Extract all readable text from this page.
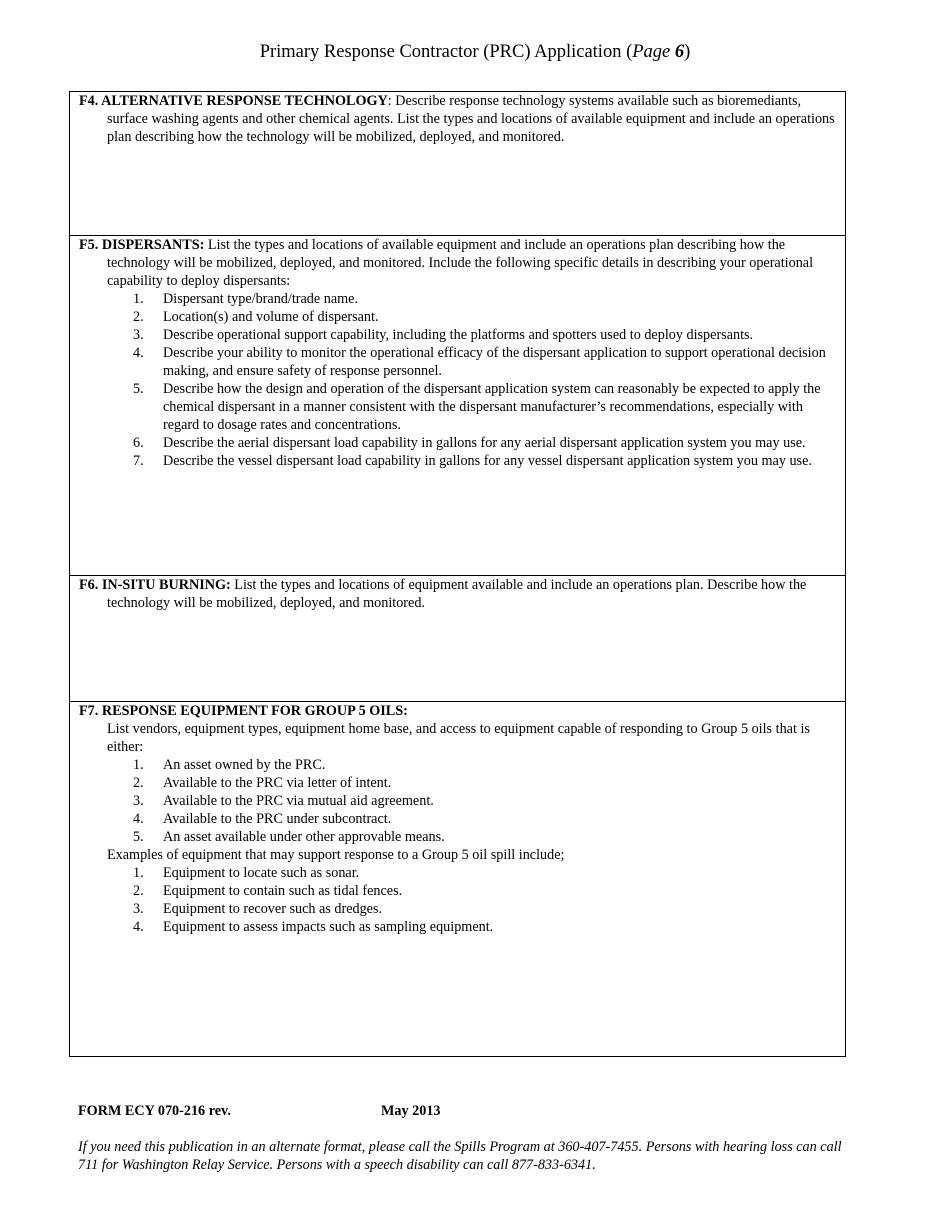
Primary Response Contractor (PRC) Application (Page 6)

F4. ALTERNATIVE RESPONSE TECHNOLOGY: Describe response technology systems available such as bioremediants, surface washing agents and other chemical agents. List the types and locations of available equipment and include an operations plan describing how the technology will be mobilized, deployed, and monitored.

F5. DISPERSANTS: List the types and locations of available equipment and include an operations plan describing how the technology will be mobilized, deployed, and monitored. Include the following specific details in describing your operational capability to deploy dispersants:

1.	Dispersant type/brand/trade name.
2.	Location(s) and volume of dispersant.
3.	Describe operational support capability, including the platforms and spotters used to deploy dispersants.
4.	Describe your ability to monitor the operational efficacy of the dispersant application to support operational decision making, and ensure safety of response personnel.
5.	Describe how the design and operation of the dispersant application system can reasonably be expected to apply the chemical dispersant in a manner consistent with the dispersant manufacturer’s recommendations, especially with regard to dosage rates and concentrations.
6.	Describe the aerial dispersant load capability in gallons for any aerial dispersant application system you may use.
7.	Describe the vessel dispersant load capability in gallons for any vessel dispersant application system you may use.

F6. IN-SITU BURNING: List the types and locations of equipment available and include an operations plan. Describe how the technology will be mobilized, deployed, and monitored.

F7. RESPONSE EQUIPMENT FOR GROUP 5 OILS:

List vendors, equipment types, equipment home base, and access to equipment capable of responding to Group 5 oils that is either:

1.	An asset owned by the PRC.
2.	Available to the PRC via letter of intent.
3.	Available to the PRC via mutual aid agreement.
4.	Available to the PRC under subcontract.
5.	An asset available under other approvable means.

Examples of equipment that may support response to a Group 5 oil spill include;

1.	Equipment to locate such as sonar.
2.	Equipment to contain such as tidal fences.
3.	Equipment to recover such as dredges.
4.	Equipment to assess impacts such as sampling equipment.
FORM ECY 070-216 rev.	May 2013
If you need this publication in an alternate format, please call the Spills Program at 360-407-7455. Persons with hearing loss can call 711 for Washington Relay Service. Persons with a speech disability can call 877-833-6341.
